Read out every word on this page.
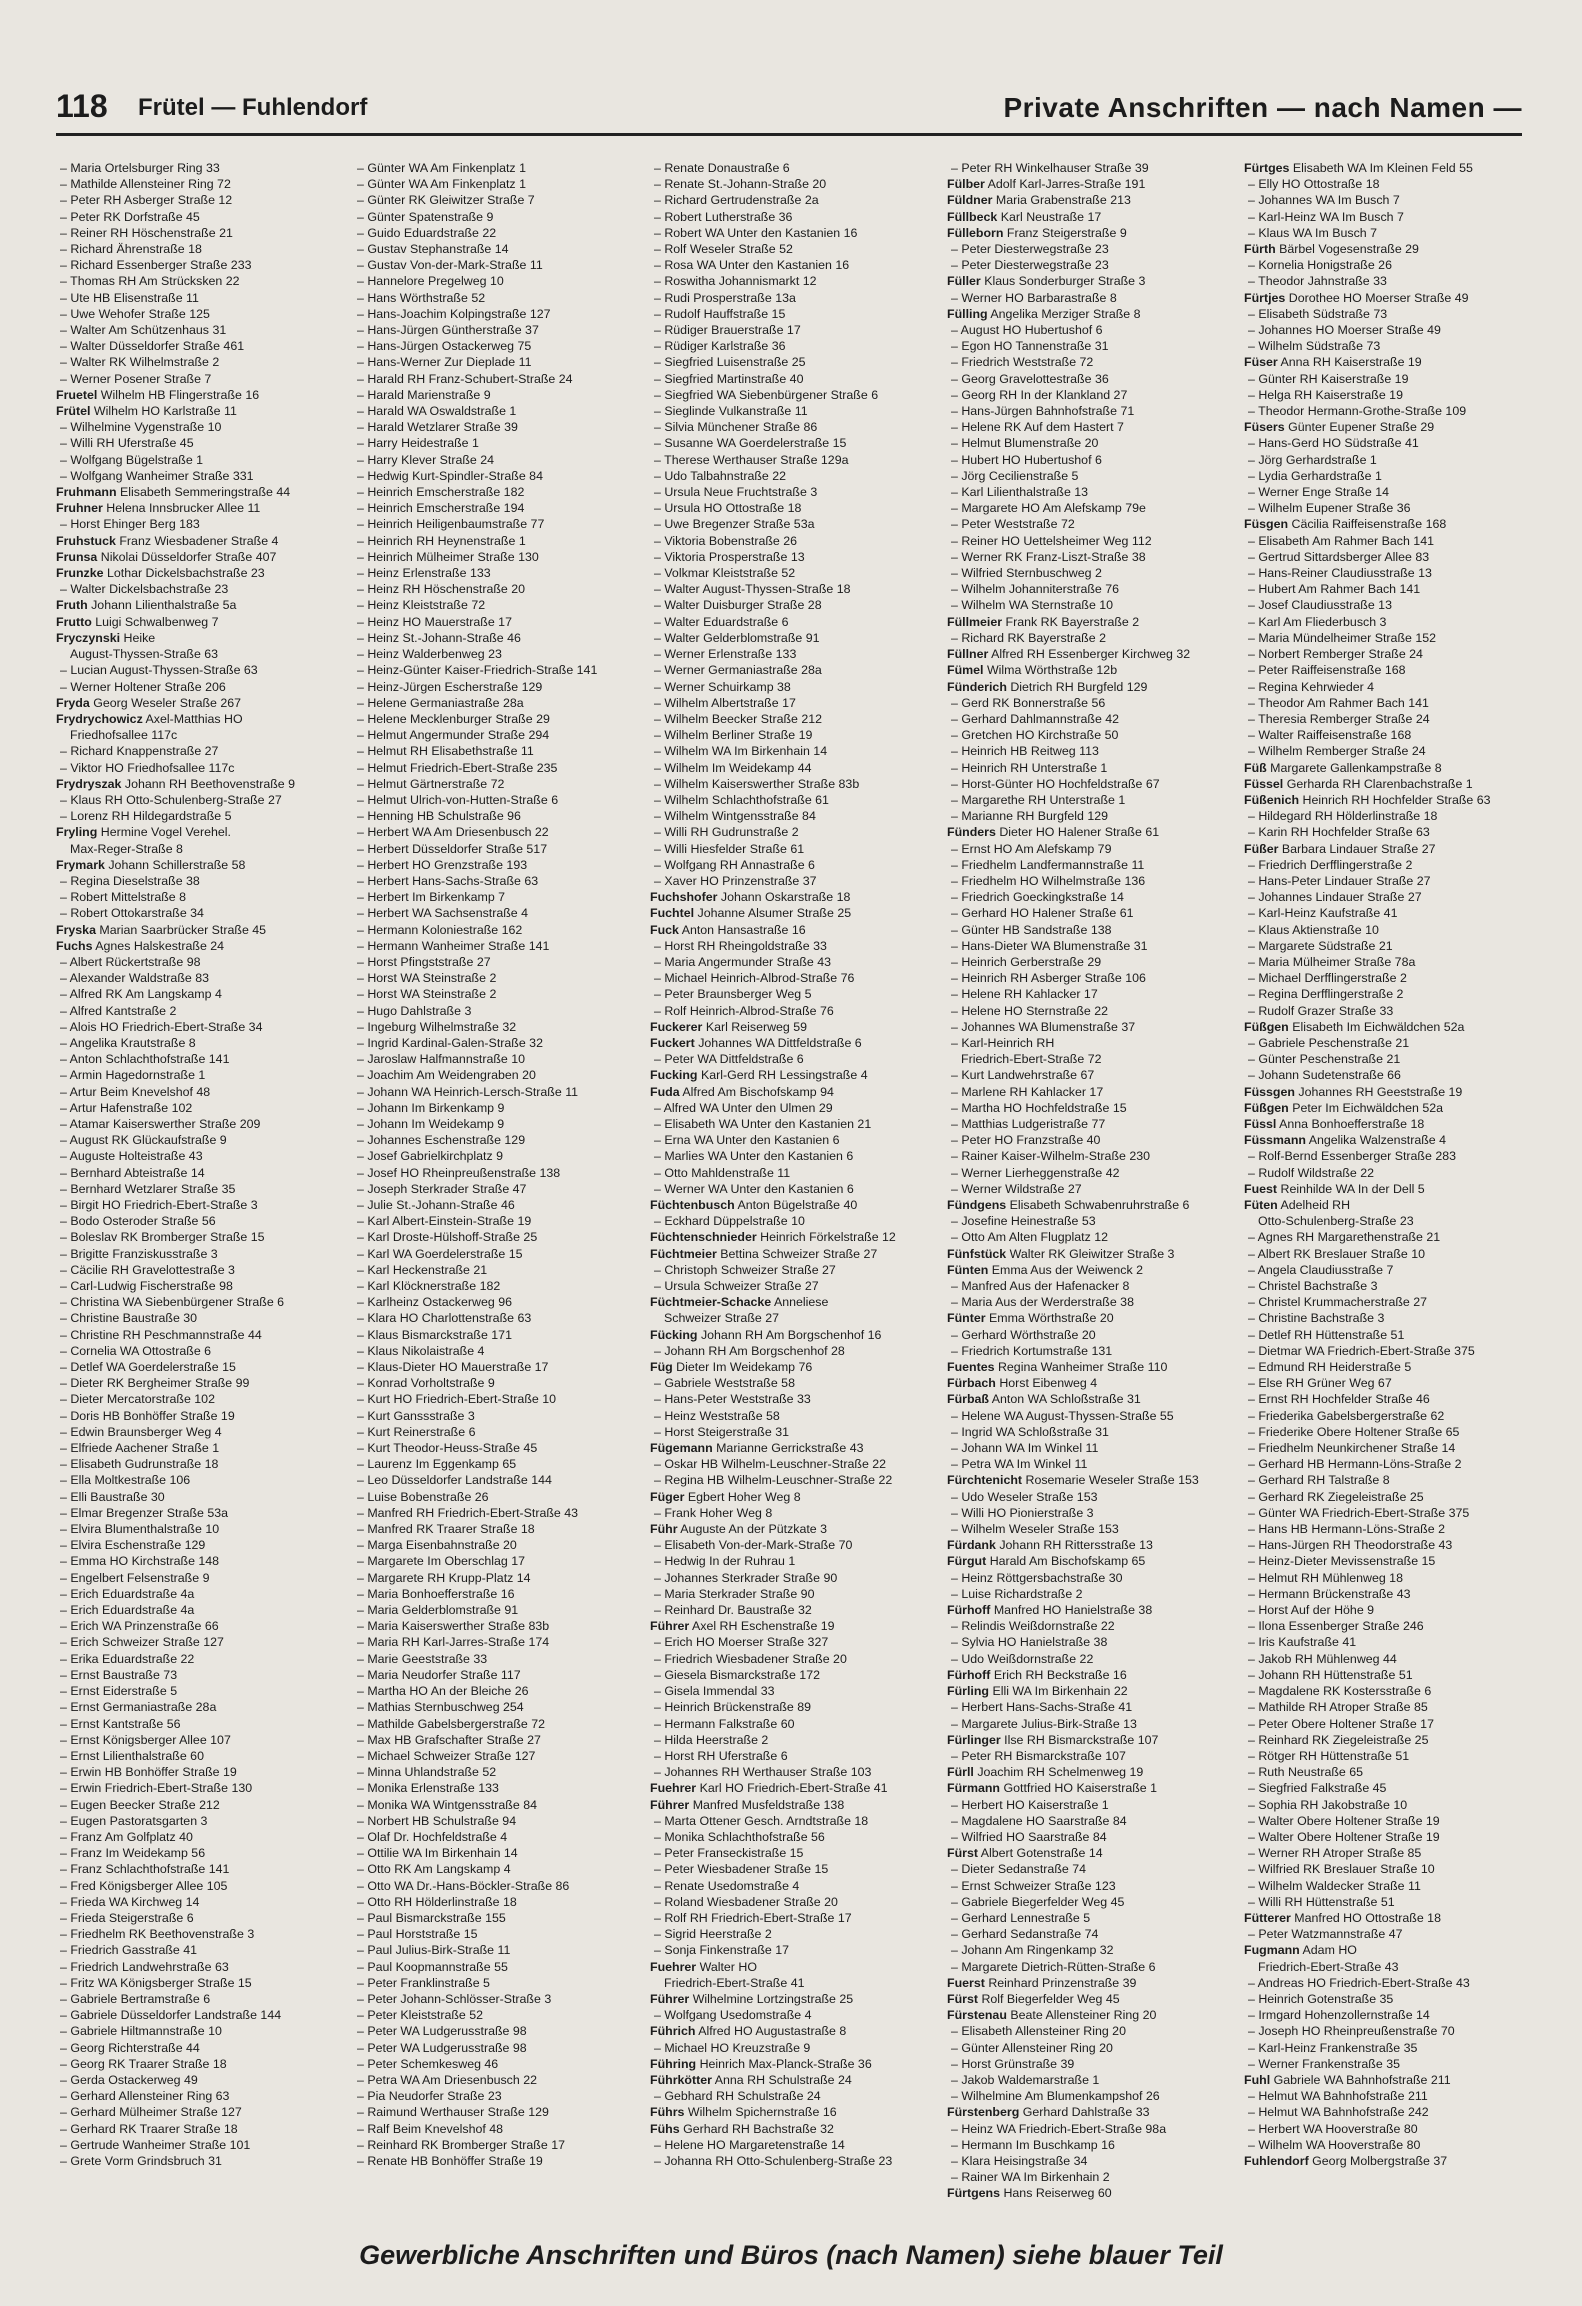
118 Frütel — Fuhlendorf	Private Anschriften — nach Namen —
– Maria Ortelsburger Ring 33
– Mathilde Allensteiner Ring 72
– Peter RH Asberger Straße 12
– Peter RK Dorfstraße 45
– Reiner RH Höschenstraße 21
– Richard Ährenstraße 18
– Richard Essenberger Straße 233
– Thomas RH Am Strücksken 22
– Ute HB Elisenstraße 11
– Uwe Wehofer Straße 125
– Walter Am Schützenhaus 31
– Walter Düsseldorfer Straße 461
– Walter RK Wilhelmstraße 2
– Werner Posener Straße 7
Fruetel Wilhelm HB Flingerstraße 16
Frütel Wilhelm HO Karlstraße 11
– Wilhelmine Vygenstraße 10
– Willi RH Uferstraße 45
– Wolfgang Bügelstraße 1
– Wolfgang Wanheimer Straße 331
Fruhmann Elisabeth Semmeringstraße 44
Fruhner Helena Innsbrucker Allee 11
– Horst Ehinger Berg 183
Fruhstuck Franz Wiesbadener Straße 4
Frunsa Nikolai Düsseldorfer Straße 407
Frunzke Lothar Dickelsbachstraße 23
– Walter Dickelsbachstraße 23
Fruth Johann Lilienthalstraße 5a
Frutto Luigi Schwalbenweg 7
Fryczynski Heike
August-Thyssen-Straße 63
– Lucian August-Thyssen-Straße 63
– Werner Holtener Straße 206
Fryda Georg Weseler Straße 267
Frydrychowicz Axel-Matthias HO
Friedhofsallee 117c
– Richard Knappenstraße 27
– Viktor HO Friedhofsallee 117c
Frydryszak Johann RH Beethovenstraße 9
– Klaus RH Otto-Schulenberg-Straße 27
– Lorenz RH Hildegardstraße 5
Fryling Hermine Vogel Verehel.
Max-Reger-Straße 8
Frymark Johann Schillerstraße 58
– Regina Dieselstraße 38
– Robert Mittelstraße 8
– Robert Ottokarstraße 34
Fryska Marian Saarbrücker Straße 45
Fuchs Agnes Halskestraße 24
– Albert Rückertstraße 98
– Alexander Waldstraße 83
– Alfred RK Am Langskamp 4
– Alfred Kantstraße 2
– Alois HO Friedrich-Ebert-Straße 34
– Angelika Krautstraße 8
– Anton Schlachthofstraße 141
– Armin Hagedornstraße 1
– Artur Beim Knevelshof 48
– Artur Hafenstraße 102
– Atamar Kaiserswerther Straße 209
– August RK Glückaufstraße 9
– Auguste Holteistraße 43
– Bernhard Abteistraße 14
– Bernhard Wetzlarer Straße 35
– Birgit HO Friedrich-Ebert-Straße 3
– Bodo Osteroder Straße 56
– Boleslav RK Bromberger Straße 15
– Brigitte Franziskusstraße 3
– Cäcilie RH Gravelottestraße 3
– Carl-Ludwig Fischerstraße 98
– Christina WA Siebenbürgener Straße 6
– Christine Baustraße 30
– Christine RH Peschmannstraße 44
– Cornelia WA Ottostraße 6
– Detlef WA Goerdelerstraße 15
– Dieter RK Bergheimer Straße 99
– Dieter Mercatorstraße 102
– Doris HB Bonhöffer Straße 19
– Edwin Braunsberger Weg 4
– Elfriede Aachener Straße 1
– Elisabeth Gudrunstraße 18
– Ella Moltkestraße 106
– Elli Baustraße 30
– Elmar Bregenzer Straße 53a
– Elvira Blumenthalstraße 10
– Elvira Eschenstraße 129
– Emma HO Kirchstraße 148
– Engelbert Felsenstraße 9
– Erich Eduardstraße 4a
– Erich Eduardstraße 4a
– Erich WA Prinzenstraße 66
– Erich Schweizer Straße 127
– Erika Eduardstraße 22
– Ernst Baustraße 73
– Ernst Eiderstraße 5
– Ernst Germaniastraße 28a
– Ernst Kantstraße 56
– Ernst Königsberger Allee 107
– Ernst Lilienthalstraße 60
– Erwin HB Bonhöffer Straße 19
– Erwin Friedrich-Ebert-Straße 130
– Eugen Beecker Straße 212
– Eugen Pastoratsgarten 3
– Franz Am Golfplatz 40
– Franz Im Weidekamp 56
– Franz Schlachthofstraße 141
– Fred Königsberger Allee 105
– Frieda WA Kirchweg 14
– Frieda Steigerstraße 6
– Friedhelm RK Beethovenstraße 3
– Friedrich Gasstraße 41
– Friedrich Landwehrstraße 63
– Fritz WA Königsberger Straße 15
– Gabriele Bertramstraße 6
– Gabriele Düsseldorfer Landstraße 144
– Gabriele Hiltmannstraße 10
– Georg Richterstraße 44
– Georg RK Traarer Straße 18
– Gerda Ostackerweg 49
– Gerhard Allensteiner Ring 63
– Gerhard Mülheimer Straße 127
– Gerhard RK Traarer Straße 18
– Gertrude Wanheimer Straße 101
– Grete Vorm Grindsbruch 31
– Günter WA Am Finkenplatz 1
– Günter WA Am Finkenplatz 1
– Günter RK Gleiwitzer Straße 7
– Günter Spatenstraße 9
– Guido Eduardstraße 22
– Gustav Stephanstraße 14
– Gustav Von-der-Mark-Straße 11
– Hannelore Pregelweg 10
– Hans Wörthstraße 52
– Hans-Joachim Kolpingstraße 127
– Hans-Jürgen Güntherstraße 37
– Hans-Jürgen Ostackerweg 75
– Hans-Werner Zur Dieplade 11
– Harald RH Franz-Schubert-Straße 24
– Harald Marienstraße 9
– Harald WA Oswaldstraße 1
– Harald Wetzlarer Straße 39
– Harry Heidestraße 1
– Harry Klever Straße 24
– Hedwig Kurt-Spindler-Straße 84
– Heinrich Emscherstraße 182
– Heinrich Emscherstraße 194
– Heinrich Heiligenbaumstraße 77
– Heinrich RH Heynenstraße 1
– Heinrich Mülheimer Straße 130
– Heinz Erlenstraße 133
– Heinz RH Höschenstraße 20
– Heinz Kleiststraße 72
– Heinz HO Mauerstraße 17
– Heinz St.-Johann-Straße 46
– Heinz Walderbenweg 23
– Heinz-Günter Kaiser-Friedrich-Straße 141
– Heinz-Jürgen Escherstraße 129
– Helene Germaniastraße 28a
– Helene Mecklenburger Straße 29
– Helmut Angermunder Straße 294
– Helmut RH Elisabethstraße 11
– Helmut Friedrich-Ebert-Straße 235
– Helmut Gärtnerstraße 72
– Helmut Ulrich-von-Hutten-Straße 6
– Henning HB Schulstraße 96
– Herbert WA Am Driesenbusch 22
– Herbert Düsseldorfer Straße 517
– Herbert HO Grenzstraße 193
– Herbert Hans-Sachs-Straße 63
– Herbert Im Birkenkamp 7
– Herbert WA Sachsenstraße 4
– Hermann Koloniestraße 162
– Hermann Wanheimer Straße 141
– Horst Pfingststraße 27
– Horst WA Steinstraße 2
– Horst WA Steinstraße 2
– Hugo Dahlstraße 3
– Ingeburg Wilhelmstraße 32
– Ingrid Kardinal-Galen-Straße 32
– Jaroslaw Halfmannstraße 10
– Joachim Am Weidengraben 20
– Johann WA Heinrich-Lersch-Straße 11
– Johann Im Birkenkamp 9
– Johann Im Weidekamp 9
– Johannes Eschenstraße 129
– Josef Gabrielkirchplatz 9
– Josef HO Rheinpreußenstraße 138
– Joseph Sterkrader Straße 47
– Julie St.-Johann-Straße 46
– Karl Albert-Einstein-Straße 19
– Karl Droste-Hülshoff-Straße 25
– Karl WA Goerdelerstraße 15
– Karl Heckenstraße 21
– Karl Klöcknerstraße 182
– Karlheinz Ostackerweg 96
– Klara HO Charlottenstraße 63
– Klaus Bismarckstraße 171
– Klaus Nikolaistraße 4
– Klaus-Dieter HO Mauerstraße 17
– Konrad Vorholtstraße 9
– Kurt HO Friedrich-Ebert-Straße 10
– Kurt Ganssstraße 3
– Kurt Reinerstraße 6
– Kurt Theodor-Heuss-Straße 45
– Laurenz Im Eggenkamp 65
– Leo Düsseldorfer Landstraße 144
– Luise Bobenstraße 26
– Manfred RH Friedrich-Ebert-Straße 43
– Manfred RK Traarer Straße 18
– Marga Eisenbahnstraße 20
– Margarete Im Oberschlag 17
– Margarete RH Krupp-Platz 14
– Maria Bonhoefferstraße 16
– Maria Gelderblomstraße 91
– Maria Kaiserswerther Straße 83b
– Maria RH Karl-Jarres-Straße 174
– Marie Geeststraße 33
– Maria Neudorfer Straße 117
– Martha HO An der Bleiche 26
– Mathias Sternbuschweg 254
– Mathilde Gabelsbergerstraße 72
– Max HB Grafschafter Straße 27
– Michael Schweizer Straße 127
– Minna Uhlandstraße 52
– Monika Erlenstraße 133
– Monika WA Wintgensstraße 84
– Norbert HB Schulstraße 94
– Olaf Dr. Hochfeldstraße 4
– Ottilie WA Im Birkenhain 14
– Otto RK Am Langskamp 4
– Otto WA Dr.-Hans-Böckler-Straße 86
– Otto RH Hölderlinstraße 18
– Paul Bismarckstraße 155
– Paul Horststraße 15
– Paul Julius-Birk-Straße 11
– Paul Koopmannstraße 55
– Peter Franklinstraße 5
– Peter Johann-Schlösser-Straße 3
– Peter Kleiststraße 52
– Peter WA Ludgerusstraße 98
– Peter WA Ludgerusstraße 98
– Peter Schemkesweg 46
– Petra WA Am Driesenbusch 22
– Pia Neudorfer Straße 23
– Raimund Werthauser Straße 129
– Ralf Beim Knevelshof 48
– Reinhard RK Bromberger Straße 17
– Renate HB Bonhöffer Straße 19
– Renate Donaustraße 6
– Renate St.-Johann-Straße 20
– Richard Gertrudenstraße 2a
– Robert Lutherstraße 36
– Robert WA Unter den Kastanien 16
– Rolf Weseler Straße 52
– Rosa WA Unter den Kastanien 16
– Roswitha Johannismarkt 12
– Rudi Prosperstraße 13a
– Rudolf Hauffstraße 15
– Rüdiger Brauerstraße 17
– Rüdiger Karlstraße 36
– Siegfried Luisenstraße 25
– Siegfried Martinstraße 40
– Siegfried WA Siebenbürgener Straße 6
– Sieglinde Vulkanstraße 11
– Silvia Münchener Straße 86
– Susanne WA Goerdelerstraße 15
– Therese Werthauser Straße 129a
– Udo Talbahnstraße 22
– Ursula Neue Fruchtstraße 3
– Ursula HO Ottostraße 18
– Uwe Bregenzer Straße 53a
– Viktoria Bobenstraße 26
– Viktoria Prosperstraße 13
– Volkmar Kleiststraße 52
– Walter August-Thyssen-Straße 18
– Walter Duisburger Straße 28
– Walter Eduardstraße 6
– Walter Gelderblomstraße 91
– Werner Erlenstraße 133
– Werner Germaniastraße 28a
– Werner Schuirkamp 38
– Wilhelm Albertstraße 17
– Wilhelm Beecker Straße 212
– Wilhelm Berliner Straße 19
– Wilhelm WA Im Birkenhain 14
– Wilhelm Im Weidekamp 44
– Wilhelm Kaiserswerther Straße 83b
– Wilhelm Schlachthofstraße 61
– Wilhelm Wintgensstraße 84
– Willi RH Gudrunstraße 2
– Willi Hiesfelder Straße 61
– Wolfgang RH Annastraße 6
– Xaver HO Prinzenstraße 37
Fuchshofer Johann Oskarstraße 18
Fuchtel Johanne Alsumer Straße 25
Fuck Anton Hansastraße 16
– Horst RH Rheingoldstraße 33
– Maria Angermunder Straße 43
– Michael Heinrich-Albrod-Straße 76
– Peter Braunsberger Weg 5
– Rolf Heinrich-Albrod-Straße 76
Fuckerer Karl Reiserweg 59
Fuckert Johannes WA Dittfeldstraße 6
– Peter WA Dittfeldstraße 6
Fucking Karl-Gerd RH Lessingstraße 4
Fuda Alfred Am Bischofskamp 94
– Alfred WA Unter den Ulmen 29
– Elisabeth WA Unter den Kastanien 21
– Erna WA Unter den Kastanien 6
– Marlies WA Unter den Kastanien 6
– Otto Mahldenstraße 11
– Werner WA Unter den Kastanien 6
Füchtenbusch Anton Bügelstraße 40
– Eckhard Düppelstraße 10
Füchtenschnieder Heinrich Förkelstraße 12
Füchtmeier Bettina Schweizer Straße 27
– Christoph Schweizer Straße 27
– Ursula Schweizer Straße 27
Füchtmeier-Schacke Anneliese
Schweizer Straße 27
Fücking Johann RH Am Borgschenhof 16
– Johann RH Am Borgschenhof 28
Füg Dieter Im Weidekamp 76
– Gabriele Weststraße 58
– Hans-Peter Weststraße 33
– Heinz Weststraße 58
– Horst Steigerstraße 31
Fügemann Marianne Gerrickstraße 43
– Oskar HB Wilhelm-Leuschner-Straße 22
– Regina HB Wilhelm-Leuschner-Straße 22
Füger Egbert Hoher Weg 8
– Frank Hoher Weg 8
Führ Auguste An der Pützkate 3
– Elisabeth Von-der-Mark-Straße 70
– Hedwig In der Ruhrau 1
– Johannes Sterkrader Straße 90
– Maria Sterkrader Straße 90
– Reinhard Dr. Baustraße 32
Führer Axel RH Eschenstraße 19
– Erich HO Moerser Straße 327
– Friedrich Wiesbadener Straße 20
– Giesela Bismarckstraße 172
– Gisela Immendal 33
– Heinrich Brückenstraße 89
– Hermann Falkstraße 60
– Hilda Heerstraße 2
– Horst RH Uferstraße 6
– Johannes RH Werthauser Straße 103
Fuehrer Karl HO Friedrich-Ebert-Straße 41
Führer Manfred Musfeldstraße 138
– Marta Ottener Gesch. Arndtstraße 18
– Monika Schlachthofstraße 56
– Peter Franseckistraße 15
– Peter Wiesbadener Straße 15
– Renate Usedomstraße 4
– Roland Wiesbadener Straße 20
– Rolf RH Friedrich-Ebert-Straße 17
– Sigrid Heerstraße 2
– Sonja Finkenstraße 17
Fuehrer Walter HO
Friedrich-Ebert-Straße 41
Führer Wilhelmine Lortzingstraße 25
– Wolfgang Usedomstraße 4
Führich Alfred HO Augustastraße 8
– Michael HO Kreuzstraße 9
Führing Heinrich Max-Planck-Straße 36
Führkötter Anna RH Schulstraße 24
– Gebhard RH Schulstraße 24
Führs Wilhelm Spichernstraße 16
Fühs Gerhard RH Bachstraße 32
– Helene HO Margaretenstraße 14
– Johanna RH Otto-Schulenberg-Straße 23
– Peter RH Winkelhauser Straße 39
Fülber Adolf Karl-Jarres-Straße 191
Füldner Maria Grabenstraße 213
Füllbeck Karl Neustraße 17
Fülleborn Franz Steigerstraße 9
– Peter Diesterwegstraße 23
– Peter Diesterwegstraße 23
Füller Klaus Sonderburger Straße 3
– Werner HO Barbarastraße 8
Fülling Angelika Merziger Straße 8
– August HO Hubertushof 6
– Egon HO Tannenstraße 31
– Friedrich Weststraße 72
– Georg Gravelottestraße 36
– Georg RH In der Klankland 27
– Hans-Jürgen Bahnhofstraße 71
– Helene RK Auf dem Hastert 7
– Helmut Blumenstraße 20
– Hubert HO Hubertushof 6
– Jörg Cecilienstraße 5
– Karl Lilienthalstraße 13
– Margarete HO Am Alefskamp 79e
– Peter Weststraße 72
– Reiner HO Uettelsheimer Weg 112
– Werner RK Franz-Liszt-Straße 38
– Wilfried Sternbuschweg 2
– Wilhelm Johanniterstraße 76
– Wilhelm WA Sternstraße 10
Füllmeier Frank RK Bayerstraße 2
– Richard RK Bayerstraße 2
Füllner Alfred RH Essenberger Kirchweg 32
Fümel Wilma Wörthstraße 12b
Fünderich Dietrich RH Burgfeld 129
– Gerd RK Bonnerstraße 56
– Gerhard Dahlmannstraße 42
– Gretchen HO Kirchstraße 50
– Heinrich HB Reitweg 113
– Heinrich RH Unterstraße 1
– Horst-Günter HO Hochfeldstraße 67
– Margarethe RH Unterstraße 1
– Marianne RH Burgfeld 129
Fünders Dieter HO Halener Straße 61
– Ernst HO Am Alefskamp 79
– Friedhelm Landfermannstraße 11
– Friedhelm HO Wilhelmstraße 136
– Friedrich Goeckingkstraße 14
– Gerhard HO Halener Straße 61
– Günter HB Sandstraße 138
– Hans-Dieter WA Blumenstraße 31
– Heinrich Gerberstraße 29
– Heinrich RH Asberger Straße 106
– Helene RH Kahlacker 17
– Helene HO Sternstraße 22
– Johannes WA Blumenstraße 37
– Karl-Heinrich RH
Friedrich-Ebert-Straße 72
– Kurt Landwehrstraße 67
– Marlene RH Kahlacker 17
– Martha HO Hochfeldstraße 15
– Matthias Ludgeristraße 77
– Peter HO Franzstraße 40
– Rainer Kaiser-Wilhelm-Straße 230
– Werner Lierheggenstraße 42
– Werner Wildstraße 27
Fündgens Elisabeth Schwabenruhrstraße 6
– Josefine Heinestraße 53
– Otto Am Alten Flugplatz 12
Fünfstück Walter RK Gleiwitzer Straße 3
Fünten Emma Aus der Weiwenck 2
– Manfred Aus der Hafenacker 8
– Maria Aus der Werderstraße 38
Fünter Emma Wörthstraße 20
– Gerhard Wörthstraße 20
– Friedrich Kortumstraße 131
Fuentes Regina Wanheimer Straße 110
Fürbach Horst Eibenweg 4
Fürbaß Anton WA Schloßstraße 31
– Helene WA August-Thyssen-Straße 55
– Ingrid WA Schloßstraße 31
– Johann WA Im Winkel 11
– Petra WA Im Winkel 11
Fürchtenicht Rosemarie Weseler Straße 153
– Udo Weseler Straße 153
– Willi HO Pionierstraße 3
– Wilhelm Weseler Straße 153
Fürdank Johann RH Rittersstraße 13
Fürgut Harald Am Bischofskamp 65
– Heinz Röttgersbachstraße 30
– Luise Richardstraße 2
Fürhoff Manfred HO Hanielstraße 38
– Relindis Weißdornstraße 22
– Sylvia HO Hanielstraße 38
– Udo Weißdornstraße 22
Fürhoff Erich RH Beckstraße 16
Fürling Elli WA Im Birkenhain 22
– Herbert Hans-Sachs-Straße 41
– Margarete Julius-Birk-Straße 13
Fürlinger Ilse RH Bismarckstraße 107
– Peter RH Bismarckstraße 107
Fürll Joachim RH Schelmenweg 19
Fürmann Gottfried HO Kaiserstraße 1
– Herbert HO Kaiserstraße 1
– Magdalene HO Saarstraße 84
– Wilfried HO Saarstraße 84
Fürst Albert Gotenstraße 14
– Dieter Sedanstraße 74
– Ernst Schweizer Straße 123
– Gabriele Biegerfelder Weg 45
– Gerhard Lennestraße 5
– Gerhard Sedanstraße 74
– Johann Am Ringenkamp 32
– Margarete Dietrich-Rütten-Straße 6
Fuerst Reinhard Prinzenstraße 39
Fürst Rolf Biegerfelder Weg 45
Fürstenau Beate Allensteiner Ring 20
– Elisabeth Allensteiner Ring 20
– Günter Allensteiner Ring 20
– Horst Grünstraße 39
– Jakob Waldemarstraße 1
– Wilhelmine Am Blumenkampshof 26
Fürstenberg Gerhard Dahlstraße 33
– Heinz WA Friedrich-Ebert-Straße 98a
– Hermann Im Buschkamp 16
– Klara Heisingstraße 34
– Rainer WA Im Birkenhain 2
Fürtgens Hans Reiserweg 60
Fürtges Elisabeth WA Im Kleinen Feld 55
– Elly HO Ottostraße 18
– Johannes WA Im Busch 7
– Karl-Heinz WA Im Busch 7
– Klaus WA Im Busch 7
Fürth Bärbel Vogesenstraße 29
– Kornelia Honigstraße 26
– Theodor Jahnstraße 33
Fürtjes Dorothee HO Moerser Straße 49
– Elisabeth Südstraße 73
– Johannes HO Moerser Straße 49
– Wilhelm Südstraße 73
Füser Anna RH Kaiserstraße 19
– Günter RH Kaiserstraße 19
– Helga RH Kaiserstraße 19
– Theodor Hermann-Grothe-Straße 109
Füsers Günter Eupener Straße 29
– Hans-Gerd HO Südstraße 41
– Jörg Gerhardstraße 1
– Lydia Gerhardstraße 1
– Werner Enge Straße 14
– Wilhelm Eupener Straße 36
Füsgen Cäcilia Raiffeisenstraße 168
– Elisabeth Am Rahmer Bach 141
– Gertrud Sittardsberger Allee 83
– Hans-Reiner Claudiusstraße 13
– Hubert Am Rahmer Bach 141
– Josef Claudiusstraße 13
– Karl Am Fliederbusch 3
– Maria Mündelheimer Straße 152
– Norbert Remberger Straße 24
– Peter Raiffeisenstraße 168
– Regina Kehrwieder 4
– Theodor Am Rahmer Bach 141
– Theresia Remberger Straße 24
– Walter Raiffeisenstraße 168
– Wilhelm Remberger Straße 24
Füß Margarete Gallenkampstraße 8
Füssel Gerharda RH Clarenbachstraße 1
Füßenich Heinrich RH Hochfelder Straße 63
– Hildegard RH Hölderlinstraße 18
– Karin RH Hochfelder Straße 63
Füßer Barbara Lindauer Straße 27
– Friedrich Derfflingerstraße 2
– Hans-Peter Lindauer Straße 27
– Johannes Lindauer Straße 27
– Karl-Heinz Kaufstraße 41
– Klaus Aktienstraße 10
– Margarete Südstraße 21
– Maria Mülheimer Straße 78a
– Michael Derfflingerstraße 2
– Regina Derfflingerstraße 2
– Rudolf Grazer Straße 33
Füßgen Elisabeth Im Eichwäldchen 52a
– Gabriele Peschenstraße 21
– Günter Peschenstraße 21
– Johann Sudetenstraße 66
Füssgen Johannes RH Geeststraße 19
Füßgen Peter Im Eichwäldchen 52a
Füssl Anna Bonhoefferstraße 18
Füssmann Angelika Walzenstraße 4
– Rolf-Bernd Essenberger Straße 283
– Rudolf Wildstraße 22
Fuest Reinhilde WA In der Dell 5
Füten Adelheid RH
Otto-Schulenberg-Straße 23
– Agnes RH Margarethenstraße 21
– Albert RK Breslauer Straße 10
– Angela Claudiusstraße 7
– Christel Bachstraße 3
– Christel Krummacherstraße 27
– Christine Bachstraße 3
– Detlef RH Hüttenstraße 51
– Dietmar WA Friedrich-Ebert-Straße 375
– Edmund RH Heiderstraße 5
– Else RH Grüner Weg 67
– Ernst RH Hochfelder Straße 46
– Friederika Gabelsbergerstraße 62
– Friederike Obere Holtener Straße 65
– Friedhelm Neunkirchener Straße 14
– Gerhard HB Hermann-Löns-Straße 2
– Gerhard RH Talstraße 8
– Gerhard RK Ziegeleistraße 25
– Günter WA Friedrich-Ebert-Straße 375
– Hans HB Hermann-Löns-Straße 2
– Hans-Jürgen RH Theodorstraße 43
– Heinz-Dieter Mevissenstraße 15
– Helmut RH Mühlenweg 18
– Hermann Brückenstraße 43
– Horst Auf der Höhe 9
– Ilona Essenberger Straße 246
– Iris Kaufstraße 41
– Jakob RH Mühlenweg 44
– Johann RH Hüttenstraße 51
– Magdalene RK Kostersstraße 6
– Mathilde RH Atroper Straße 85
– Peter Obere Holtener Straße 17
– Reinhard RK Ziegeleistraße 25
– Rötger RH Hüttenstraße 51
– Ruth Neustraße 65
– Siegfried Falkstraße 45
– Sophia RH Jakobstraße 10
– Walter Obere Holtener Straße 19
– Walter Obere Holtener Straße 19
– Werner RH Atroper Straße 85
– Wilfried RK Breslauer Straße 10
– Wilhelm Waldecker Straße 11
– Willi RH Hüttenstraße 51
Fütterer Manfred HO Ottostraße 18
– Peter Watzmannstraße 47
Fugmann Adam HO
Friedrich-Ebert-Straße 43
– Andreas HO Friedrich-Ebert-Straße 43
– Heinrich Gotenstraße 35
– Irmgard Hohenzollernstraße 14
– Joseph HO Rheinpreußenstraße 70
– Karl-Heinz Frankenstraße 35
– Werner Frankenstraße 35
Fuhl Gabriele WA Bahnhofstraße 211
– Helmut WA Bahnhofstraße 211
– Helmut WA Bahnhofstraße 242
– Herbert WA Hooverstraße 80
– Wilhelm WA Hooverstraße 80
Fuhlendorf Georg Molbergstraße 37
Gewerbliche Anschriften und Büros (nach Namen) siehe blauer Teil
